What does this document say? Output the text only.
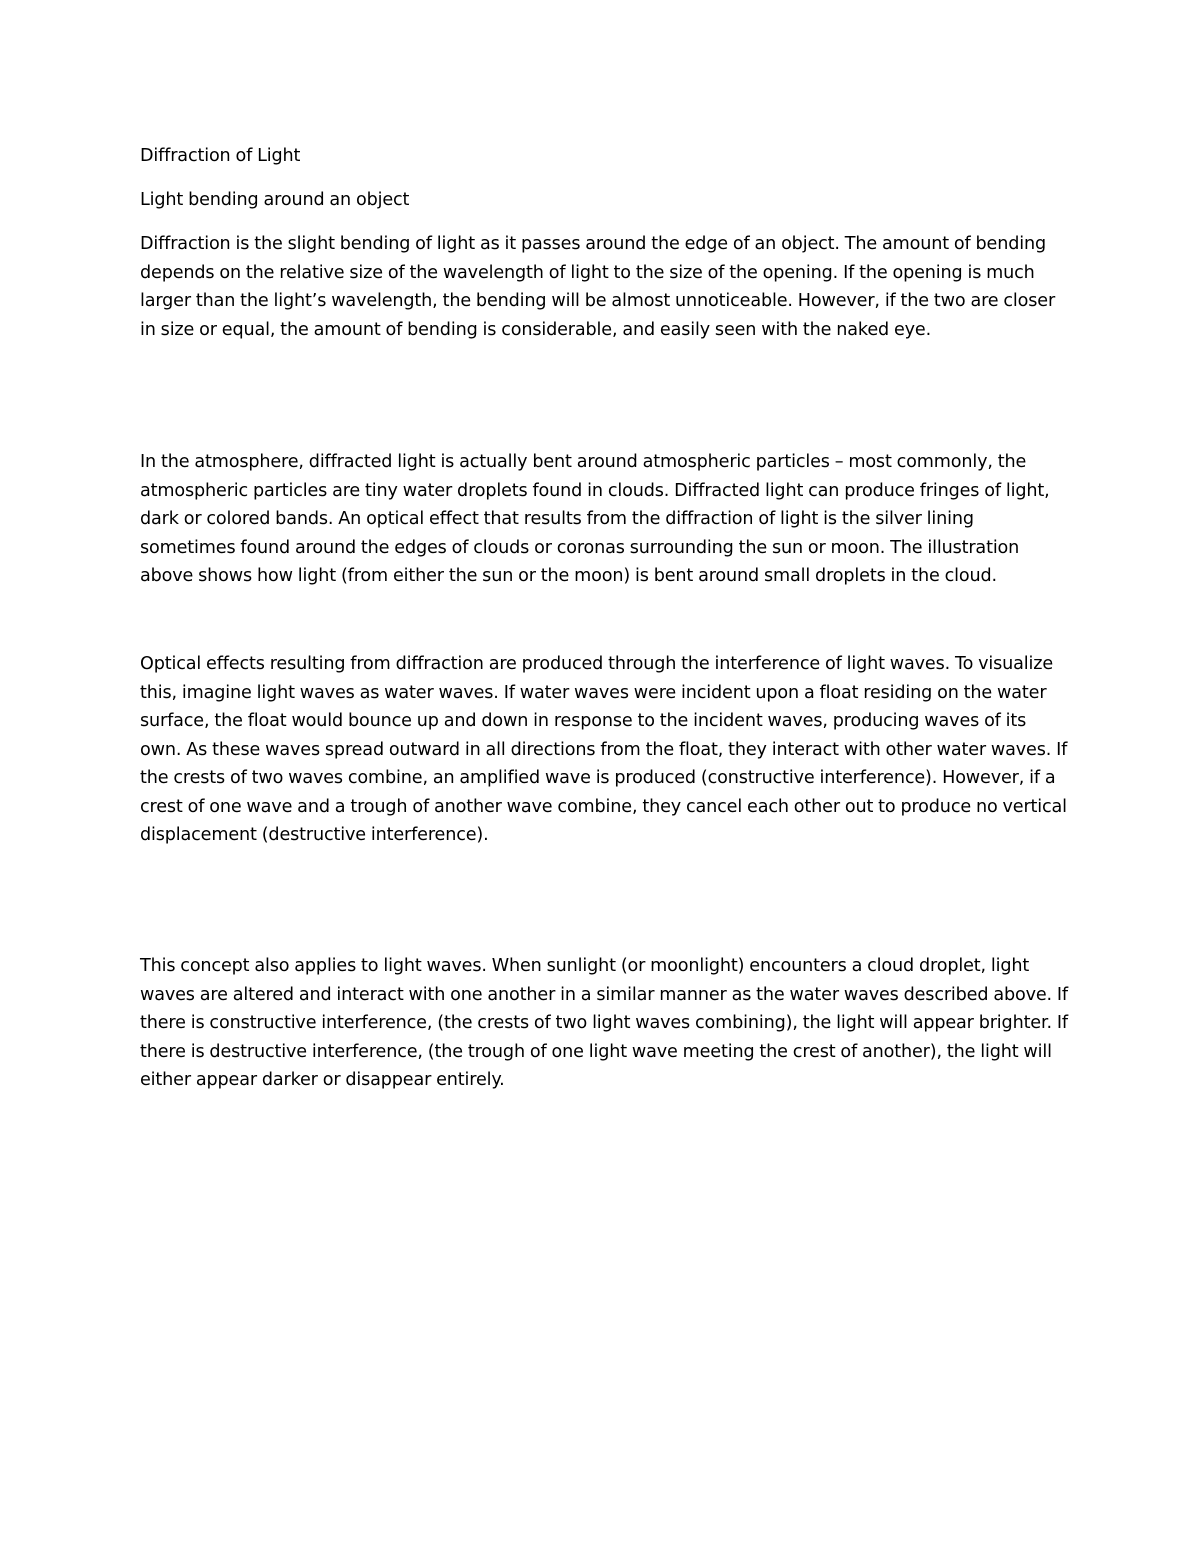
Diffraction of Light

Light bending around an object

Diffraction is the slight bending of light as it passes around the edge of an object. The amount of bending depends on the relative size of the wavelength of light to the size of the opening. If the opening is much larger than the light’s wavelength, the bending will be almost unnoticeable. However, if the two are closer in size or equal, the amount of bending is considerable, and easily seen with the naked eye.

In the atmosphere, diffracted light is actually bent around atmospheric particles – most commonly, the atmospheric particles are tiny water droplets found in clouds. Diffracted light can produce fringes of light, dark or colored bands. An optical effect that results from the diffraction of light is the silver lining sometimes found around the edges of clouds or coronas surrounding the sun or moon. The illustration above shows how light (from either the sun or the moon) is bent around small droplets in the cloud.

Optical effects resulting from diffraction are produced through the interference of light waves. To visualize this, imagine light waves as water waves. If water waves were incident upon a float residing on the water surface, the float would bounce up and down in response to the incident waves, producing waves of its own. As these waves spread outward in all directions from the float, they interact with other water waves. If the crests of two waves combine, an amplified wave is produced (constructive interference). However, if a crest of one wave and a trough of another wave combine, they cancel each other out to produce no vertical displacement (destructive interference).

This concept also applies to light waves. When sunlight (or moonlight) encounters a cloud droplet, light waves are altered and interact with one another in a similar manner as the water waves described above. If there is constructive interference, (the crests of two light waves combining), the light will appear brighter. If there is destructive interference, (the trough of one light wave meeting the crest of another), the light will either appear darker or disappear entirely.
